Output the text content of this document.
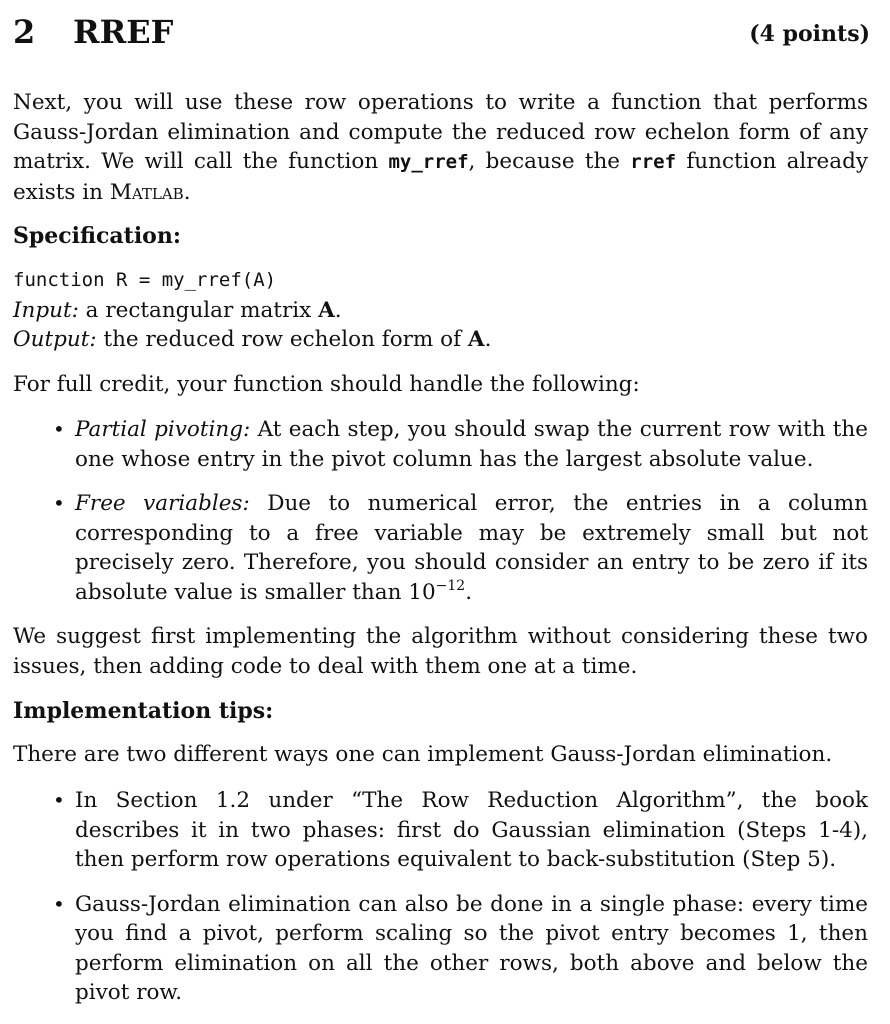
2 RREF	(4 points)
Next, you will use these row operations to write a function that performs Gauss-Jordan elimination and compute the reduced row echelon form of any matrix. We will call the function my_rref, because the rref function already exists in Matlab.
Specification:
function R = my_rref(A)
Input: a rectangular matrix A.
Output: the reduced row echelon form of A.
For full credit, your function should handle the following:
• Partial pivoting: At each step, you should swap the current row with the one whose entry in the pivot column has the largest absolute value.
• Free variables: Due to numerical error, the entries in a column corresponding to a free variable may be extremely small but not precisely zero. Therefore, you should consider an entry to be zero if its absolute value is smaller than $10^{-12}$.
We suggest first implementing the algorithm without considering these two issues, then adding code to deal with them one at a time.
Implementation tips:
There are two different ways one can implement Gauss-Jordan elimination.
• In Section 1.2 under “The Row Reduction Algorithm”, the book describes it in two phases: first do Gaussian elimination (Steps 1-4), then perform row operations equivalent to back-substitution (Step 5).
• Gauss-Jordan elimination can also be done in a single phase: every time you find a pivot, perform scaling so the pivot entry becomes 1, then perform elimination on all the other rows, both above and below the pivot row.
